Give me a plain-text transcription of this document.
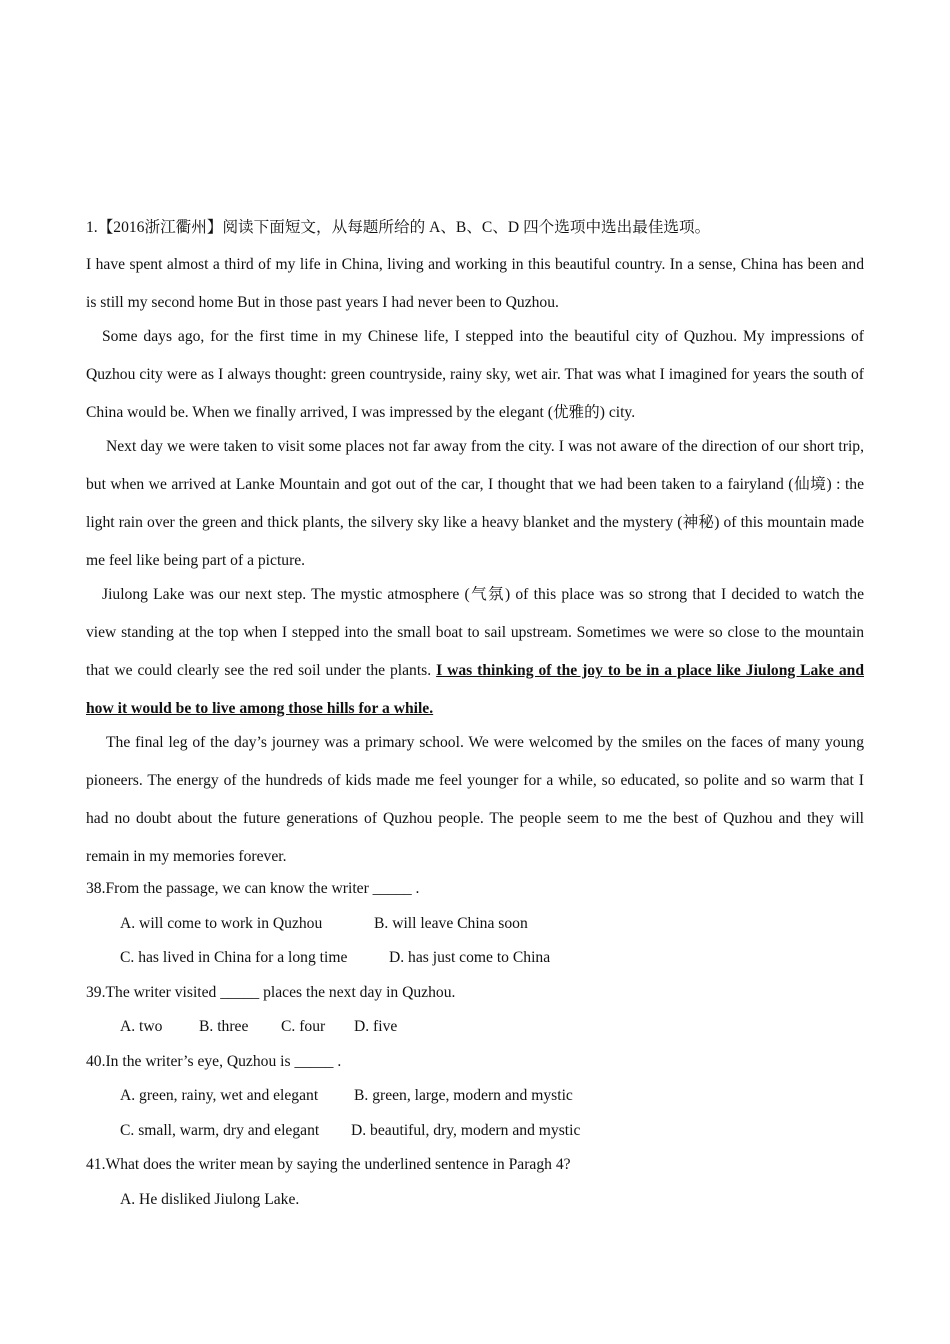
1.【2016浙江衢州】阅读下面短文，从每题所给的 A、B、C、D 四个选项中选出最佳选项。

I have spent almost a third of my life in China, living and working in this beautiful country. In a sense, China has been and is still my second home But in those past years I had never been to Quzhou.

Some days ago, for the first time in my Chinese life, I stepped into the beautiful city of Quzhou. My impressions of Quzhou city were as I always thought: green countryside, rainy sky, wet air. That was what I imagined for years the south of China would be. When we finally arrived, I was impressed by the elegant (优雅的) city.

Next day we were taken to visit some places not far away from the city. I was not aware of the direction of our short trip, but when we arrived at Lanke Mountain and got out of the car, I thought that we had been taken to a fairyland (仙境) : the light rain over the green and thick plants, the silvery sky like a heavy blanket and the mystery (神秘) of this mountain made me feel like being part of a picture.

Jiulong Lake was our next step. The mystic atmosphere (气氛) of this place was so strong that I decided to watch the view standing at the top when I stepped into the small boat to sail upstream. Sometimes we were so close to the mountain that we could clearly see the red soil under the plants. I was thinking of the joy to be in a place like Jiulong Lake and how it would be to live among those hills for a while.

The final leg of the day’s journey was a primary school. We were welcomed by the smiles on the faces of many young pioneers. The energy of the hundreds of kids made me feel younger for a while, so educated, so polite and so warm that I had no doubt about the future generations of Quzhou people. The people seem to me the best of Quzhou and they will remain in my memories forever.

38.From the passage, we can know the writer _____ .
A. will come to work in Quzhou	B. will leave China soon
C. has lived in China for a long time	D. has just come to China
39.The writer visited _____ places the next day in Quzhou.
A. two B. three C. four D. five
40.In the writer’s eye, Quzhou is _____ .
A. green, rainy, wet and elegant B. green, large, modern and mystic
C. small, warm, dry and elegant D. beautiful, dry, modern and mystic
41.What does the writer mean by saying the underlined sentence in Paragh 4?
A. He disliked Jiulong Lake.
